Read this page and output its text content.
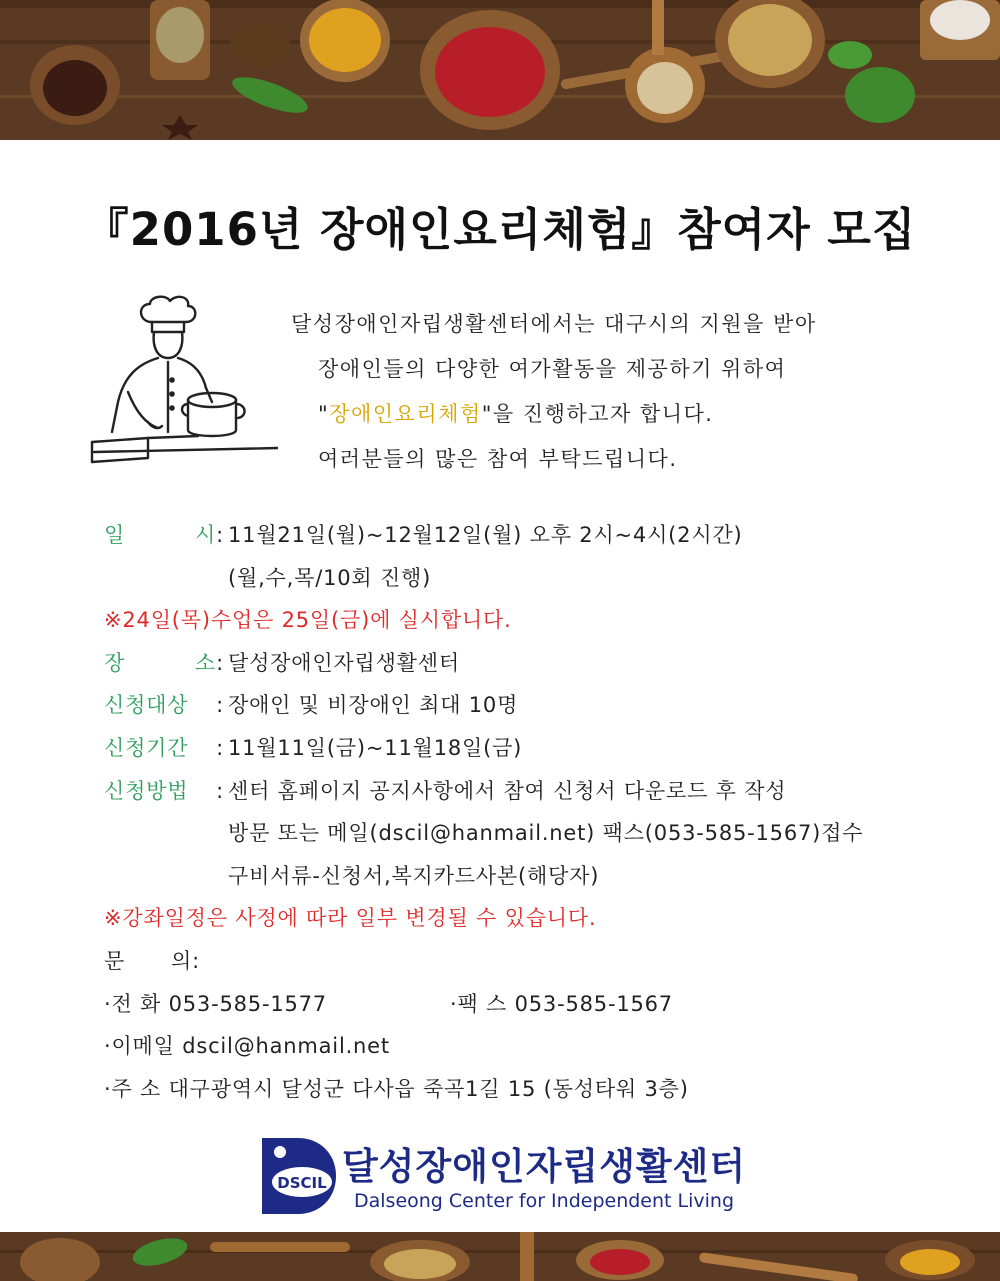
『2016년 장애인요리체험』참여자 모집
달성장애인자립생활센터에서는 대구시의 지원을 받아
장애인들의 다양한 여가활동을 제공하기 위하여
"장애인요리체험"을 진행하고자 합니다.
여러분들의 많은 참여 부탁드립니다.
일	시: 11월21일(월)~12월12일(월) 오후 2시~4시(2시간)
(월,수,목/10회 진행)
※24일(목)수업은 25일(금)에 실시합니다.
장	소: 달성장애인자립생활센터
신청대상 : 장애인 및 비장애인 최대 10명
신청기간 : 11월11일(금)~11월18일(금)
신청방법 : 센터 홈페이지 공지사항에서 참여 신청서 다운로드 후 작성
방문 또는 메일(dscil@hanmail.net) 팩스(053-585-1567)접수
구비서류-신청서,복지카드사본(해당자)
※강좌일정은 사정에 따라 일부 변경될 수 있습니다.
문 의:
·전 화 053-585-1577	·팩 스 053-585-1567
·이메일 dscil@hanmail.net
·주 소 대구광역시 달성군 다사읍 죽곡1길 15 (동성타워 3층)
DSCIL 달성장애인자립생활센터
Dalseong Center for Independent Living
